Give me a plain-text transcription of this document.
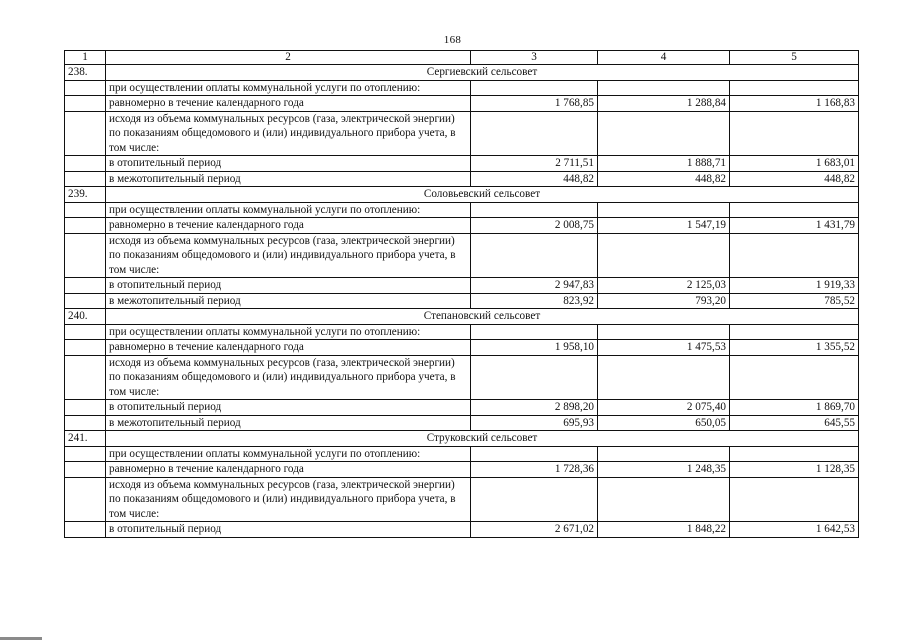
168
1	2	3	4	5
238.	Сергиевский сельсовет			
	при осуществлении оплаты коммунальной услуги по отоплению:			
	равномерно в течение календарного года	1 768,85	1 288,84	1 168,83
	исходя из объема коммунальных ресурсов (газа, электрической энергии) по показаниям общедомового и (или) индивидуального прибора учета, в том числе:			
	в отопительный период	2 711,51	1 888,71	1 683,01
	в межотопительный период	448,82	448,82	448,82
239.	Соловьевский сельсовет			
	при осуществлении оплаты коммунальной услуги по отоплению:			
	равномерно в течение календарного года	2 008,75	1 547,19	1 431,79
	исходя из объема коммунальных ресурсов (газа, электрической энергии) по показаниям общедомового и (или) индивидуального прибора учета, в том числе:			
	в отопительный период	2 947,83	2 125,03	1 919,33
	в межотопительный период	823,92	793,20	785,52
240.	Степановский сельсовет			
	при осуществлении оплаты коммунальной услуги по отоплению:			
	равномерно в течение календарного года	1 958,10	1 475,53	1 355,52
	исходя из объема коммунальных ресурсов (газа, электрической энергии) по показаниям общедомового и (или) индивидуального прибора учета, в том числе:			
	в отопительный период	2 898,20	2 075,40	1 869,70
	в межотопительный период	695,93	650,05	645,55
241.	Струковский сельсовет			
	при осуществлении оплаты коммунальной услуги по отоплению:			
	равномерно в течение календарного года	1 728,36	1 248,35	1 128,35
	исходя из объема коммунальных ресурсов (газа, электрической энергии) по показаниям общедомового и (или) индивидуального прибора учета, в том числе:			
	в отопительный период	2 671,02	1 848,22	1 642,53
